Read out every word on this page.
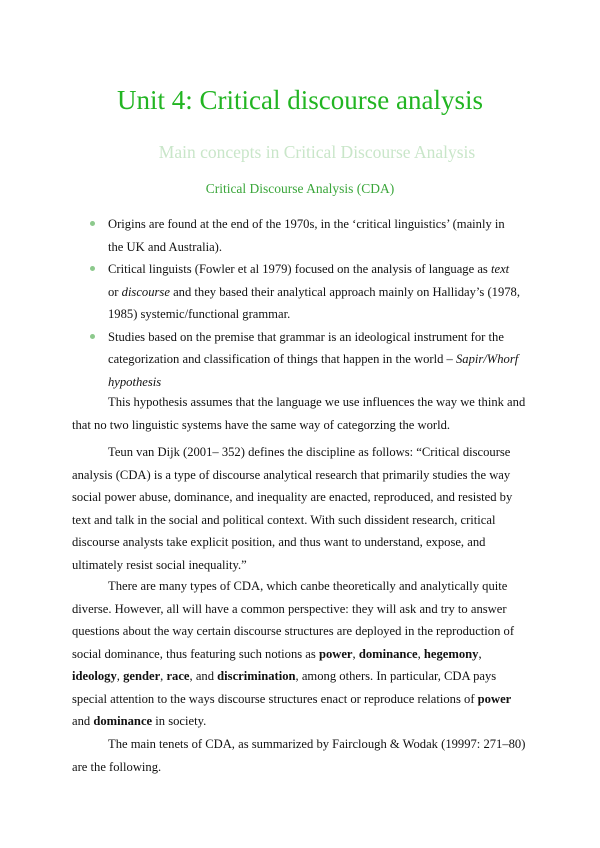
Unit 4: Critical discourse analysis
Main concepts in Critical Discourse Analysis
Critical Discourse Analysis (CDA)
Origins are found at the end of the 1970s, in the ‘critical linguistics’ (mainly in the UK and Australia).
Critical linguists (Fowler et al 1979) focused on the analysis of language as text or discourse and they based their analytical approach mainly on Halliday’s (1978, 1985) systemic/functional grammar.
Studies based on the premise that grammar is an ideological instrument for the categorization and classification of things that happen in the world – Sapir/Whorf hypothesis

This hypothesis assumes that the language we use influences the way we think and that no two linguistic systems have the same way of categorzing the world.

Teun van Dijk (2001– 352) defines the discipline as follows: “Critical discourse analysis (CDA) is a type of discourse analytical research that primarily studies the way social power abuse, dominance, and inequality are enacted, reproduced, and resisted by text and talk in the social and political context. With such dissident research, critical discourse analysts take explicit position, and thus want to understand, expose, and ultimately resist social inequality.”

There are many types of CDA, which canbe theoretically and analytically quite diverse. However, all will have a common perspective: they will ask and try to answer questions about the way certain discourse structures are deployed in the reproduction of social dominance, thus featuring such notions as power, dominance, hegemony, ideology, gender, race, and discrimination, among others. In particular, CDA pays special attention to the ways discourse structures enact or reproduce relations of power and dominance in society.

The main tenets of CDA, as summarized by Fairclough & Wodak (19997: 271–80) are the following.
